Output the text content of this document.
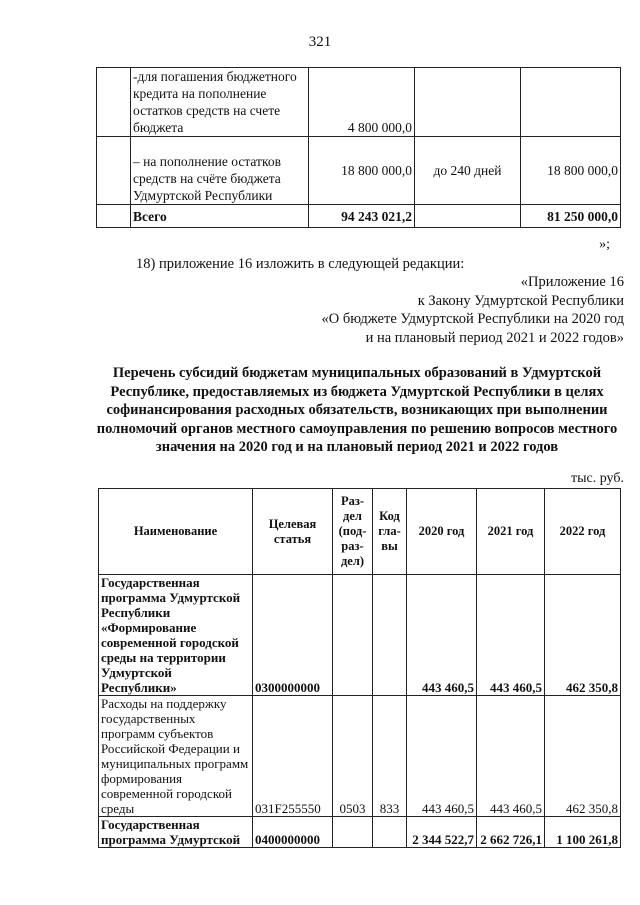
321
	-для погашения бюджетного кредита на пополнение остатков средств на счете бюджета	4 800 000,0		
	– на пополнение остатков средств на счёте бюджета Удмуртской Республики	18 800 000,0	до 240 дней	18 800 000,0
	Всего	94 243 021,2		81 250 000,0
»;
18) приложение 16 изложить в следующей редакции:
«Приложение 16
к Закону Удмуртской Республики
«О бюджете Удмуртской Республики на 2020 год
и на плановый период 2021 и 2022 годов»
Перечень субсидий бюджетам муниципальных образований в Удмуртской Республике, предоставляемых из бюджета Удмуртской Республики в целях софинансирования расходных обязательств, возникающих при выполнении полномочий органов местного самоуправления по решению вопросов местного значения на 2020 год и на плановый период 2021 и 2022 годов
тыс. руб.
Наименование	Целевая статья	Раз-дел (под-раз-дел)	Код гла-вы	2020 год	2021 год	2022 год
Государственная программа Удмуртской Республики «Формирование современной городской среды на территории Удмуртской Республики»	0300000000			443 460,5	443 460,5	462 350,8
Расходы на поддержку государственных программ субъектов Российской Федерации и муниципальных программ формирования современной городской среды	031F255550	0503	833	443 460,5	443 460,5	462 350,8
Государственная программа Удмуртской	0400000000			2 344 522,7	2 662 726,1	1 100 261,8
